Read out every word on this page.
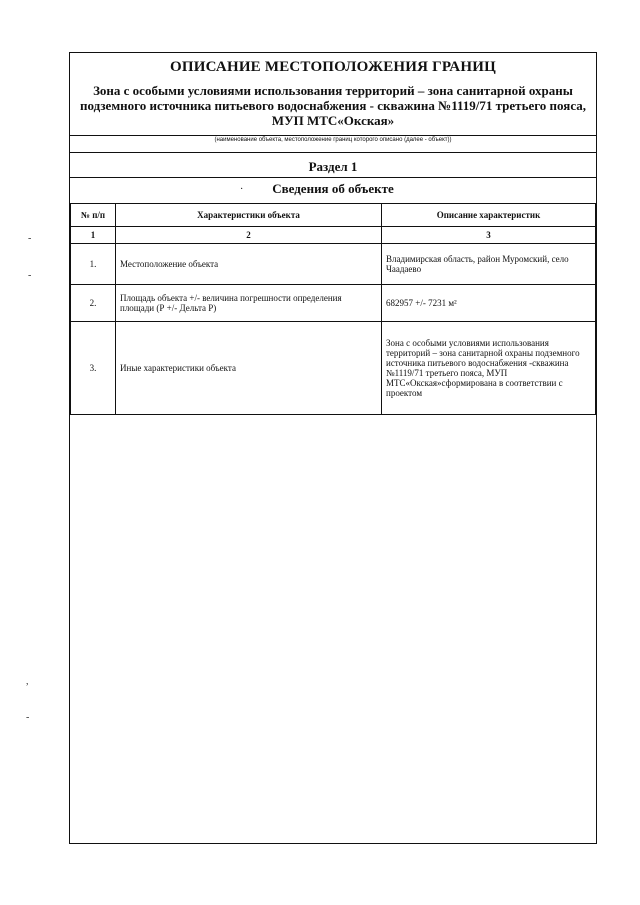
ОПИСАНИЕ МЕСТОПОЛОЖЕНИЯ ГРАНИЦ
Зона с особыми условиями использования территорий – зона санитарной охраны подземного источника питьевого водоснабжения - скважина №1119/71 третьего пояса, МУП МТС«Окская»
(наименование объекта, местоположение границ которого описано (далее - объект))
Раздел 1
·	Сведения об объекте
№ п/п	Характеристики объекта	Описание характеристик
1	2	3
1.	Местоположение объекта	Владимирская область, район Муромский, село Чаадаево
2.	Площадь объекта +/- величина погрешности определения площади (Р +/- Дельта Р)	682957 +/- 7231 м²
3.	Иные характеристики объекта	Зона с особыми условиями использования территорий – зона санитарной охраны подземного источника питьевого водоснабжения -скважина №1119/71 третьего пояса, МУП МТС«Окская»сформирована в соответствии с проектом
-
-
,
-
